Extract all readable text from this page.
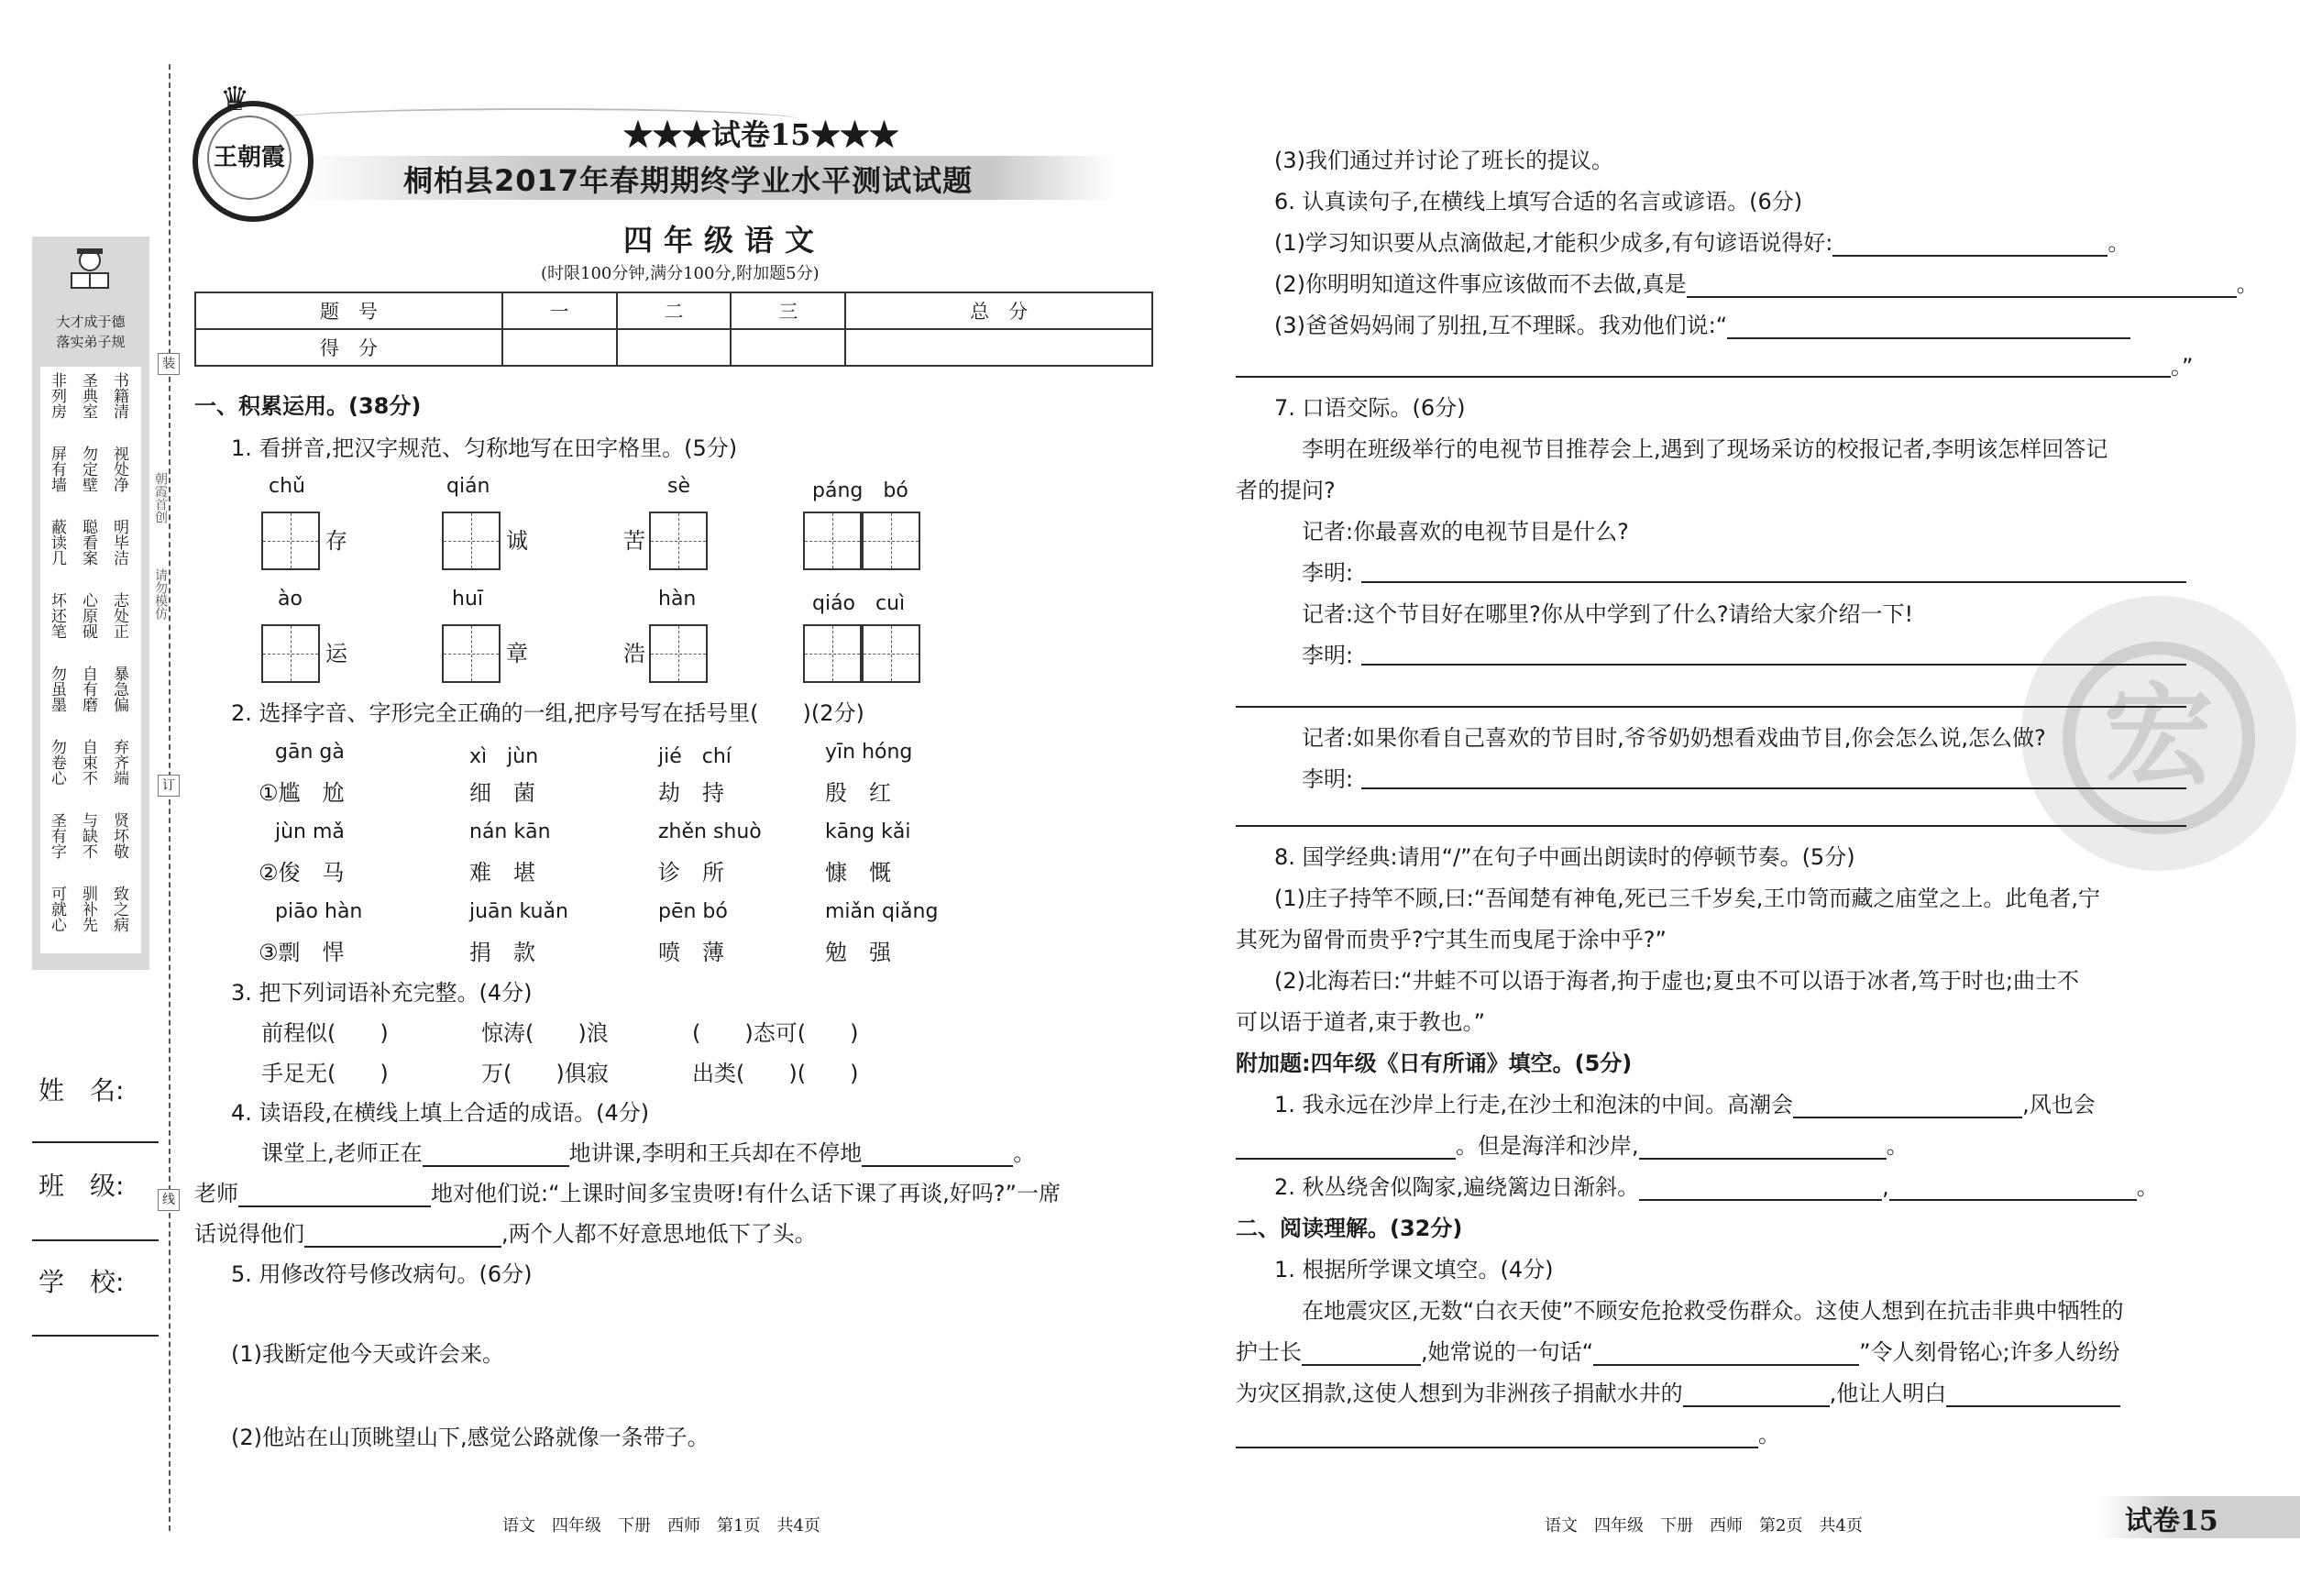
大才成于德
落实弟子规
非列房 圣典室 书籍清
屏有墙 勿定壁 视处净
蔽读几 聪看案 明毕洁
坏还笔 心原砚 志处正
勿虽墨 自有磨 暴急偏
勿卷心 自束不 弃齐端
圣有字 与缺不 贤坏敬
可就心 驯补先 致之病
装
订
线
朝霞首创
请勿模仿
姓　名:
班　级:
学　校:
王朝霞
♛
★★★试卷15★★★
桐柏县2017年春期期终学业水平测试试题
四年级语文
(时限100分钟,满分100分,附加题5分)
题　号	一	二	三	总　分
得　分				
一、积累运用。(38分)
1. 看拼音,把汉字规范、匀称地写在田字格里。(5分)
chǔ	qián	sè	páng　bó
存	诚	苦
ào	huī	hàn	qiáo　cuì
运	章	浩
2. 选择字音、字形完全正确的一组,把序号写在括号里(　　)(2分)
gān gà	xì　jùn	jié　chí	yīn hóng
①尴　尬	细　菌	劫　持	殷　红
jùn mǎ	nán kān	zhěn shuò	kāng kǎi
②俊　马	难　堪	诊　所	慷　慨
piāo hàn	juān kuǎn	pēn bó	miǎn qiǎng
③剽　悍	捐　款	喷　薄	勉　强
3. 把下列词语补充完整。(4分)
前程似(　　)	惊涛(　　)浪	(　　)态可(　　)
手足无(　　)	万(　　)俱寂	出类(　　)(　　)
4. 读语段,在横线上填上合适的成语。(4分)
课堂上,老师正在	地讲课,李明和王兵却在不停地	。
老师	地对他们说:“上课时间多宝贵呀!有什么话下课了再谈,好吗?”一席
话说得他们	,两个人都不好意思地低下了头。
5. 用修改符号修改病句。(6分)
(1)我断定他今天或许会来。
(2)他站在山顶眺望山下,感觉公路就像一条带子。
语文　四年级　下册　西师　第1页　共4页
宏
(3)我们通过并讨论了班长的提议。
6. 认真读句子,在横线上填写合适的名言或谚语。(6分)
(1)学习知识要从点滴做起,才能积少成多,有句谚语说得好:	。
(2)你明明知道这件事应该做而不去做,真是	。
(3)爸爸妈妈闹了别扭,互不理睬。我劝他们说:“
。”
7. 口语交际。(6分)
李明在班级举行的电视节目推荐会上,遇到了现场采访的校报记者,李明该怎样回答记
者的提问?
记者:你最喜欢的电视节目是什么?
李明:
记者:这个节目好在哪里?你从中学到了什么?请给大家介绍一下!
李明:
记者:如果你看自己喜欢的节目时,爷爷奶奶想看戏曲节目,你会怎么说,怎么做?
李明:
8. 国学经典:请用“/”在句子中画出朗读时的停顿节奏。(5分)
(1)庄子持竿不顾,曰:“吾闻楚有神龟,死已三千岁矣,王巾笥而藏之庙堂之上。此龟者,宁
其死为留骨而贵乎?宁其生而曳尾于涂中乎?”
(2)北海若曰:“井蛙不可以语于海者,拘于虚也;夏虫不可以语于冰者,笃于时也;曲士不
可以语于道者,束于教也。”
附加题:四年级《日有所诵》填空。(5分)
1. 我永远在沙岸上行走,在沙土和泡沫的中间。高潮会	,风也会
。但是海洋和沙岸,	。
2. 秋丛绕舍似陶家,遍绕篱边日渐斜。	,	。
二、阅读理解。(32分)
1. 根据所学课文填空。(4分)
在地震灾区,无数“白衣天使”不顾安危抢救受伤群众。这使人想到在抗击非典中牺牲的
护士长	,她常说的一句话“	”令人刻骨铭心;许多人纷纷
为灾区捐款,这使人想到为非洲孩子捐献水井的	,他让人明白
。
语文　四年级　下册　西师　第2页　共4页	试卷15
